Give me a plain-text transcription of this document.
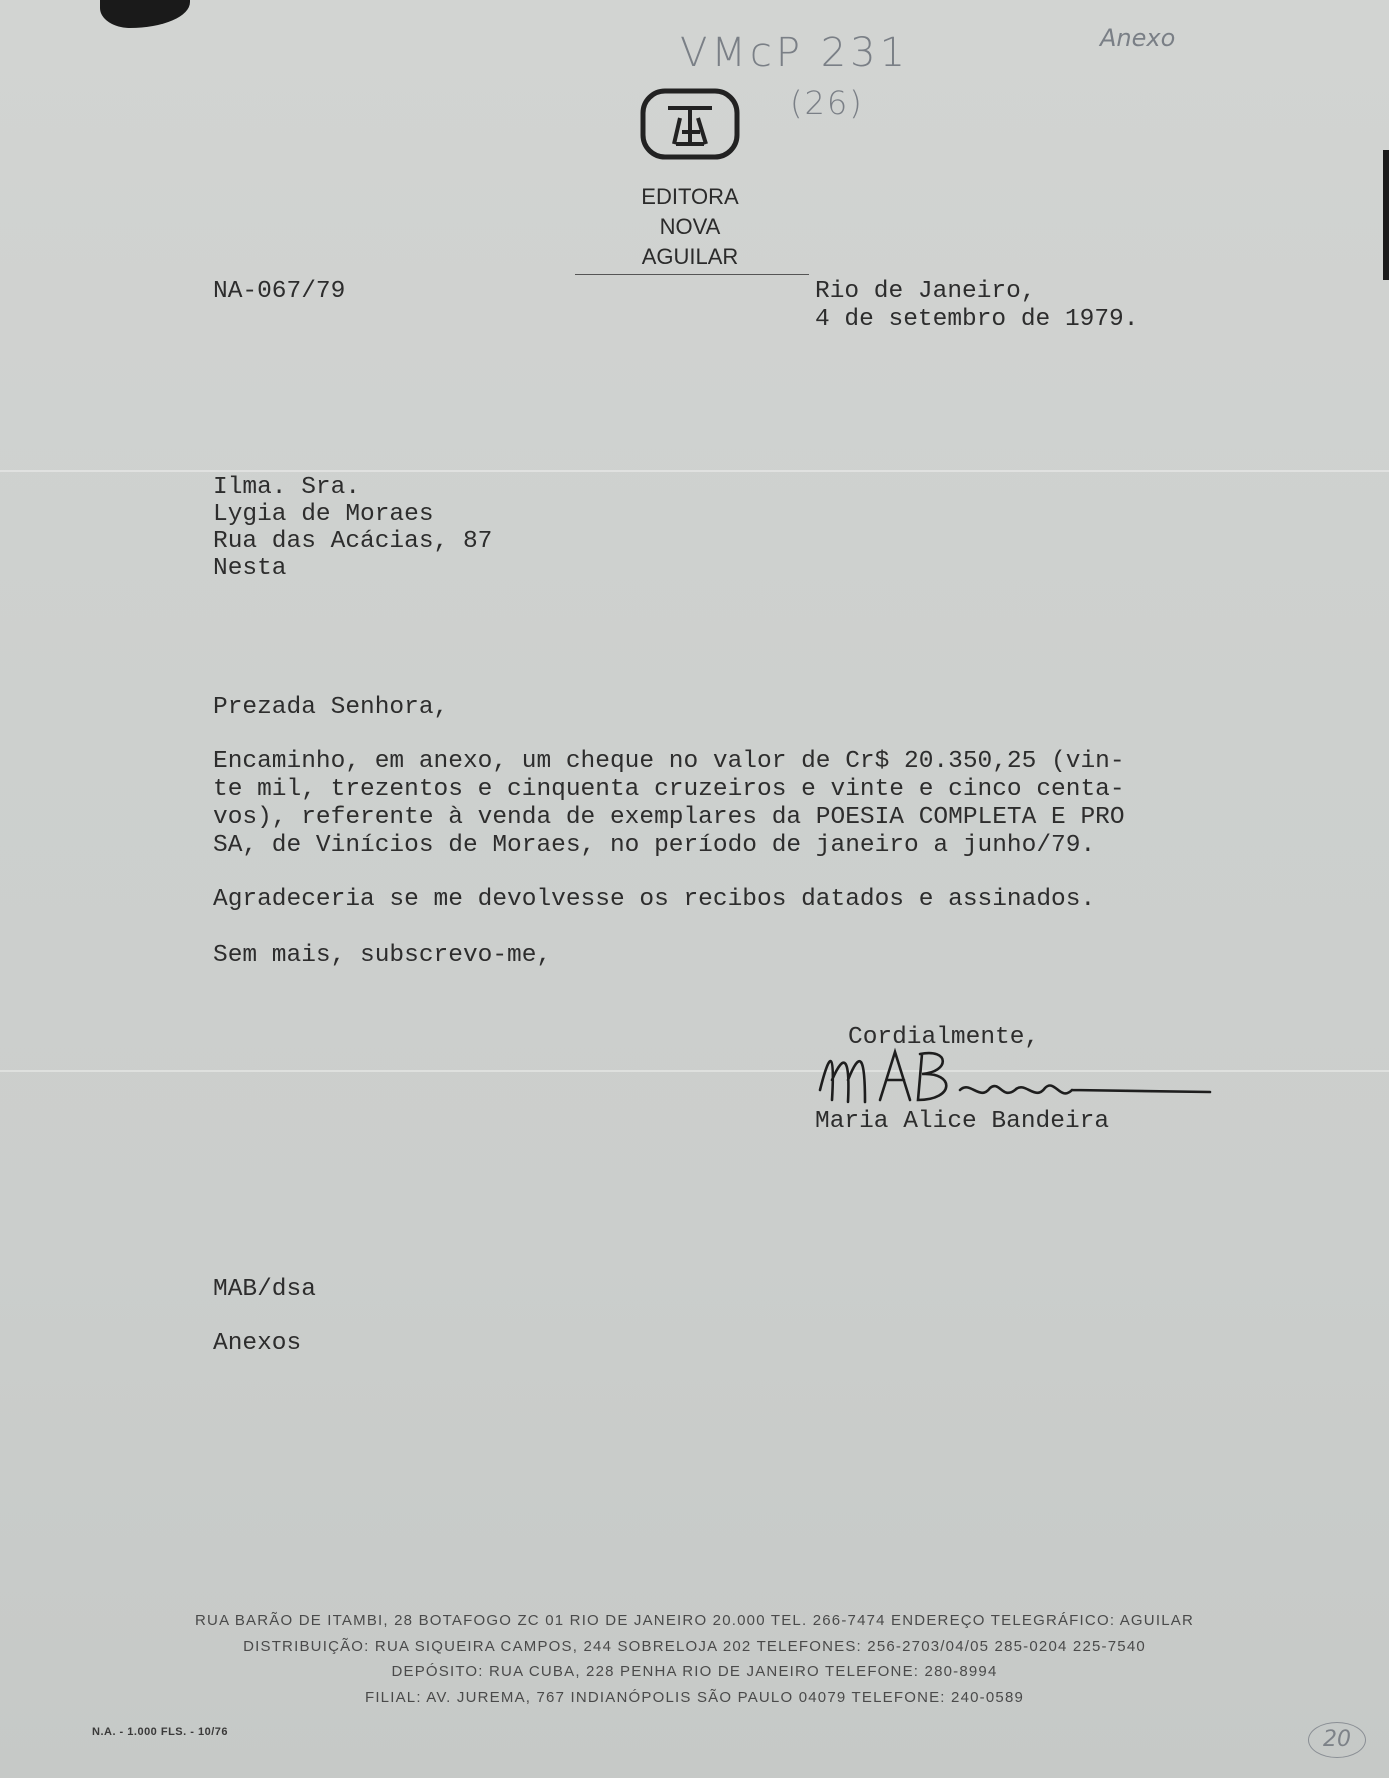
VMcP 231
(26)
Anexo
EDITORA
NOVA
AGUILAR
NA-067/79	Rio de Janeiro,
4 de setembro de 1979.
Ilma. Sra.
Lygia de Moraes
Rua das Acácias, 87
Nesta
Prezada Senhora,
Encaminho, em anexo, um cheque no valor de Cr$ 20.350,25 (vin-
te mil, trezentos e cinquenta cruzeiros e vinte e cinco centa-
vos), referente à venda de exemplares da POESIA COMPLETA E PRO
SA, de Vinícios de Moraes, no período de janeiro a junho/79.
Agradeceria se me devolvesse os recibos datados e assinados.
Sem mais, subscrevo-me,
Cordialmente,
Maria Alice Bandeira
MAB/dsa
Anexos
RUA BARÃO DE ITAMBI, 28 BOTAFOGO ZC 01 RIO DE JANEIRO 20.000 TEL. 266-7474 ENDEREÇO TELEGRÁFICO: AGUILAR
DISTRIBUIÇÃO: RUA SIQUEIRA CAMPOS, 244 SOBRELOJA 202 TELEFONES: 256-2703/04/05 285-0204 225-7540
DEPÓSITO: RUA CUBA, 228 PENHA RIO DE JANEIRO TELEFONE: 280-8994
FILIAL: AV. JUREMA, 767 INDIANÓPOLIS SÃO PAULO 04079 TELEFONE: 240-0589
N.A. - 1.000 FLS. - 10/76	20
